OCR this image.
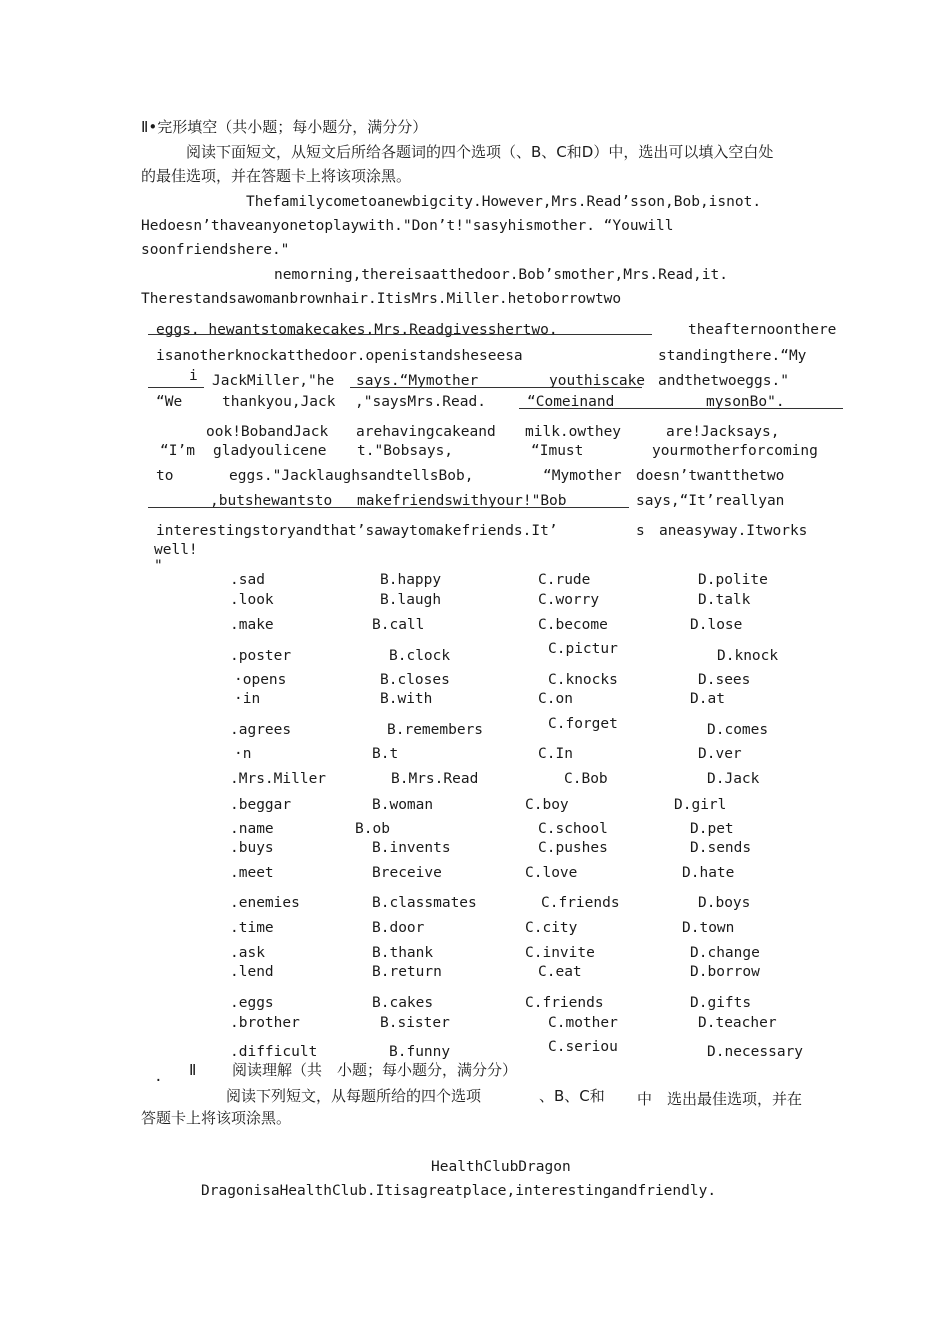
Ⅱ•完形填空（共小题；每小题分，满分分）
阅读下面短文，从短文后所给各题词的四个选项（、B、C和D）中，选出可以填入空白处
的最佳选项，并在答题卡上将该项涂黑。
Thefamilycometoanewbigcity.However,Mrs.Read’sson,Bob,isnot.
Hedoesn’thaveanyonetoplaywith."Don’t!"sasyhismother. “Youwill
soonfriendshere."
nemorning,thereisaatthedoor.Bob’smother,Mrs.Read,it.
Therestandsawomanbrownhair.ItisMrs.Miller.hetoborrowtwo
eggs. hewantstomakecakes.Mrs.Readgivesshertwo.	theafternoonthere
isanotherknockatthedoor.openistandsheseesa	standingthere.“My
i JackMiller,"he says.“Mymother	youthiscake andthetwoeggs."
“We	thankyou,Jack ,"saysMrs.Read.	“Comeinand	mysonBo".
ook!BobandJack arehavingcakeand milk.owthey	are!Jacksays,
“I’m gladyoulicene t."Bobsays,	“Imust	yourmotherforcoming
to	eggs."JacklaughsandtellsBob,	“Mymother doesn’twantthetwo
,butshewantsto makefriendswithyour!"Bob	says,“It’reallyan
interestingstoryandthat’sawaytomakefriends.It’	s aneasyway.Itworks
well!
"
.sad	B.happy	C.rude	D.polite
.look	B.laugh	C.worry	D.talk
.make	B.call	C.become	D.lose
.poster	B.clock	C.pictur	D.knock
·opens	B.closes	C.knocks	D.sees
·in	B.with	C.on	D.at
.agrees	B.remembers	C.forget	D.comes
·n	B.t	C.In	D.ver
.Mrs.Miller	B.Mrs.Read	C.Bob	D.Jack
.beggar	B.woman	C.boy	D.girl
.name	B.ob	C.school	D.pet
.buys	B.invents	C.pushes	D.sends
.meet	Breceive	C.love	D.hate
.enemies	B.classmates	C.friends	D.boys
.time	B.door	C.city	D.town
.ask	B.thank	C.invite	D.change
.lend	B.return	C.eat	D.borrow
.eggs	B.cakes	C.friends	D.gifts
.brother	B.sister	C.mother	D.teacher
.difficult	B.funny	C.seriou	D.necessary
. Ⅱ 阅读理解（共　小题；每小题分，满分分）
阅读下列短文，从每题所给的四个选项	、B、C和 中 选出最佳选项，并在
答题卡上将该项涂黑。
HealthClubDragon
DragonisaHealthClub.Itisagreatplace,interestingandfriendly.
